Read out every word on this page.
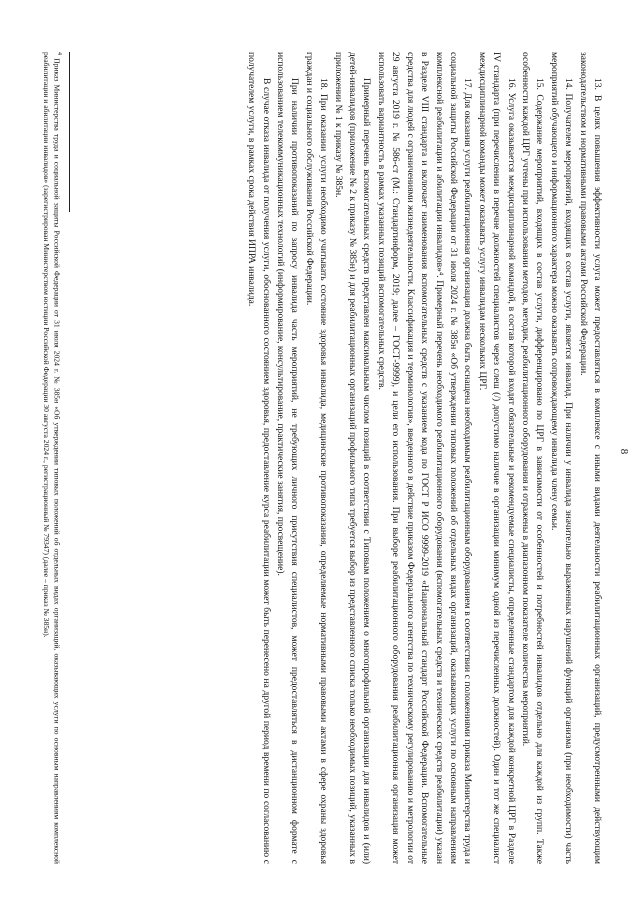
8

13. В целях повышения эффективности услуга может предоставляться в комплексе с иными видами деятельности реабилитационных организаций, предусмотренными действующим законодательством и нормативными правовыми актами Российской Федерации.

14. Получателем мероприятий, входящих в состав услуги, является инвалид. При наличии у инвалида значительно выраженных нарушений функций организма (при необходимости) часть мероприятий обучающего и информационного характера можно оказывать сопровождающему инвалида члену семьи.

15. Содержание мероприятий, входящих в состав услуги, дифференцировано по ЦРГ в зависимости от особенностей и потребностей инвалидов отдельно для каждой из групп. Также особенности каждой ЦРГ учтены при использовании методов, методик, реабилитационного оборудования и отражены в диапазонном показателе количества мероприятий.

16. Услуга оказывается междисциплинарной командой, в состав которой входят обязательные и рекомендуемые специалисты, определенные стандартом для каждой конкретной ЦРГ в Разделе IV стандарта (при перечислении в перечне должностей специалистов через слеш (/) допустимо наличие в организации минимум одной из перечисленных должностей). Один и тот же специалист междисциплинарной команды может оказывать услугу инвалидам нескольких ЦРГ.

17. Для оказания услуги реабилитационная организация должна быть оснащена необходимым реабилитационным оборудованием в соответствии с положениями приказа Министерства труда и социальной защиты Российской Федерации от 31 июля 2024 г. № 385н «Об утверждении типовых положений об отдельных видах организаций, оказывающих услуги по основным направлениям комплексной реабилитации и абилитации инвалидов»⁴. Примерный перечень необходимого реабилитационного оборудования (вспомогательных средств и технических средств реабилитации) указан в Разделе VIII стандарта и включает наименования вспомогательных средств с указанием кода по ГОСТ Р ИСО 9999-2019 «Национальный стандарт Российской Федерации. Вспомогательные средства для людей с ограничениями жизнедеятельности. Классификация и терминология», введенного в действие приказом Федерального агентства по техническому регулированию и метрологии от 29 августа 2019 г. № 586-ст (М.: Стандартинформ, 2019; далее – ГОСТ-9999), и цели его использования. При выборе реабилитационного оборудования реабилитационная организация может использовать вариантность в рамках указанных позиций вспомогательных средств.

Примерный перечень вспомогательных средств представлен максимальным числом позиций в соответствии с Типовым положением о многопрофильной организации для инвалидов и (или) детей-инвалидов (приложение № 2 к приказу № 385н) и для реабилитационных организаций профильного типа требуется выбор из представленного списка только необходимых позиций, указанных в приложении № 1 к приказу № 385н.

18. При оказании услуги необходимо учитывать состояние здоровья инвалида, медицинские противопоказания, определяемые нормативными правовыми актами в сфере охраны здоровья граждан и социального обслуживания Российской Федерации.

При наличии противопоказаний по запросу инвалида часть мероприятий, не требующих личного присутствия специалистов, может предоставляться в дистанционном формате с использованием телекоммуникационных технологий (информирование, консультирование, практические занятия, просвещение).

В случае отказа инвалида от получения услуги, обоснованного состоянием здоровья, предоставление курса реабилитации может быть перенесено на другой период времени по согласованию с получателем услуги, в рамках срока действия ИПРА инвалида.

$^4$ Приказ Министерства труда и социальной защиты Российской Федерации от 31 июля 2024 г. № 385н «Об утверждении типовых положений об отдельных видах организаций, оказывающих услуги по основным направлениям комплексной реабилитации и абилитации инвалидов» (зарегистрирован Министерством юстиции Российской Федерации 30 августа 2024 г., регистрационный № 79347) (далее – приказ № 385н).
